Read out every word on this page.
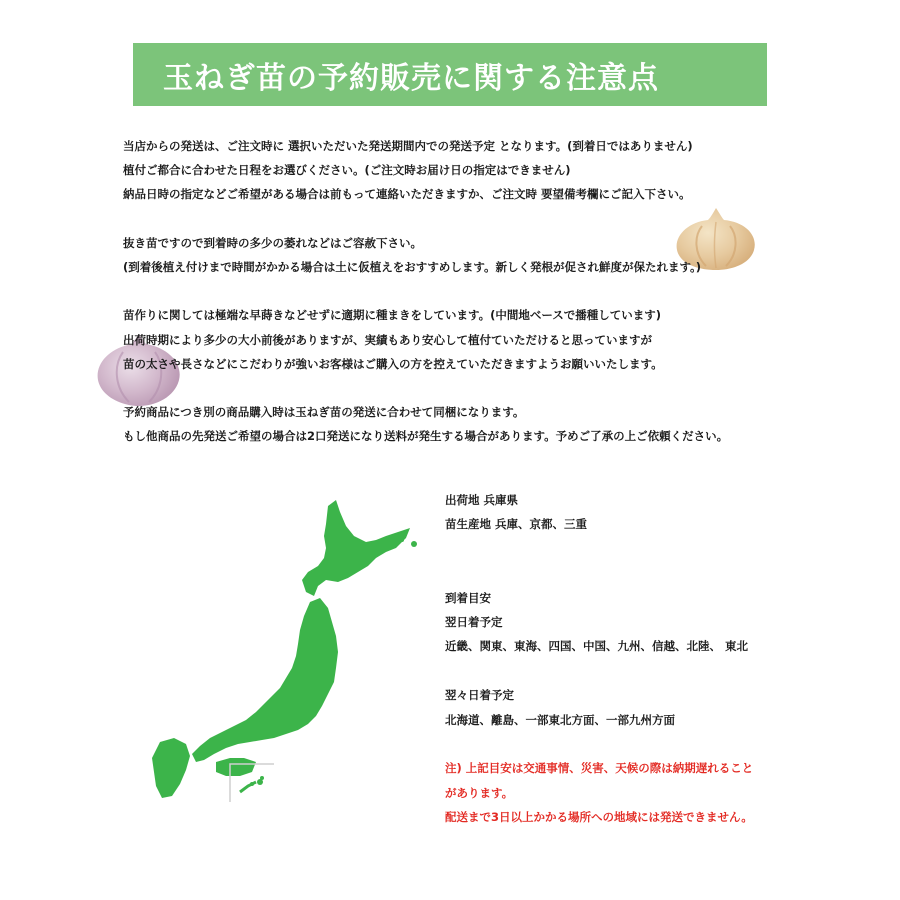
玉ねぎ苗の予約販売に関する注意点
当店からの発送は、ご注文時に 選択いただいた発送期間内での発送予定 となります。(到着日ではありません)
植付ご都合に合わせた日程をお選びください。(ご注文時お届け日の指定はできません)
納品日時の指定などご希望がある場合は前もって連絡いただきますか、ご注文時 要望備考欄にご記入下さい。
抜き苗ですので到着時の多少の萎れなどはご容赦下さい。
(到着後植え付けまで時間がかかる場合は土に仮植えをおすすめします。新しく発根が促され鮮度が保たれます。)
苗作りに関しては極端な早蒔きなどせずに適期に種まきをしています。(中間地ベースで播種しています)
出荷時期により多少の大小前後がありますが、実績もあり安心して植付ていただけると思っていますが
苗の太さや長さなどにこだわりが強いお客様はご購入の方を控えていただきますようお願いいたします。
予約商品につき別の商品購入時は玉ねぎ苗の発送に合わせて同梱になります。
もし他商品の先発送ご希望の場合は2口発送になり送料が発生する場合があります。予めご了承の上ご依頼ください。
出荷地 兵庫県
苗生産地 兵庫、京都、三重
到着目安
翌日着予定
近畿、関東、東海、四国、中国、九州、信越、北陸、 東北
翌々日着予定
北海道、離島、一部東北方面、一部九州方面
注) 上記目安は交通事情、災害、天候の際は納期遅れること
があります。
配送まで3日以上かかる場所への地域には発送できません。
